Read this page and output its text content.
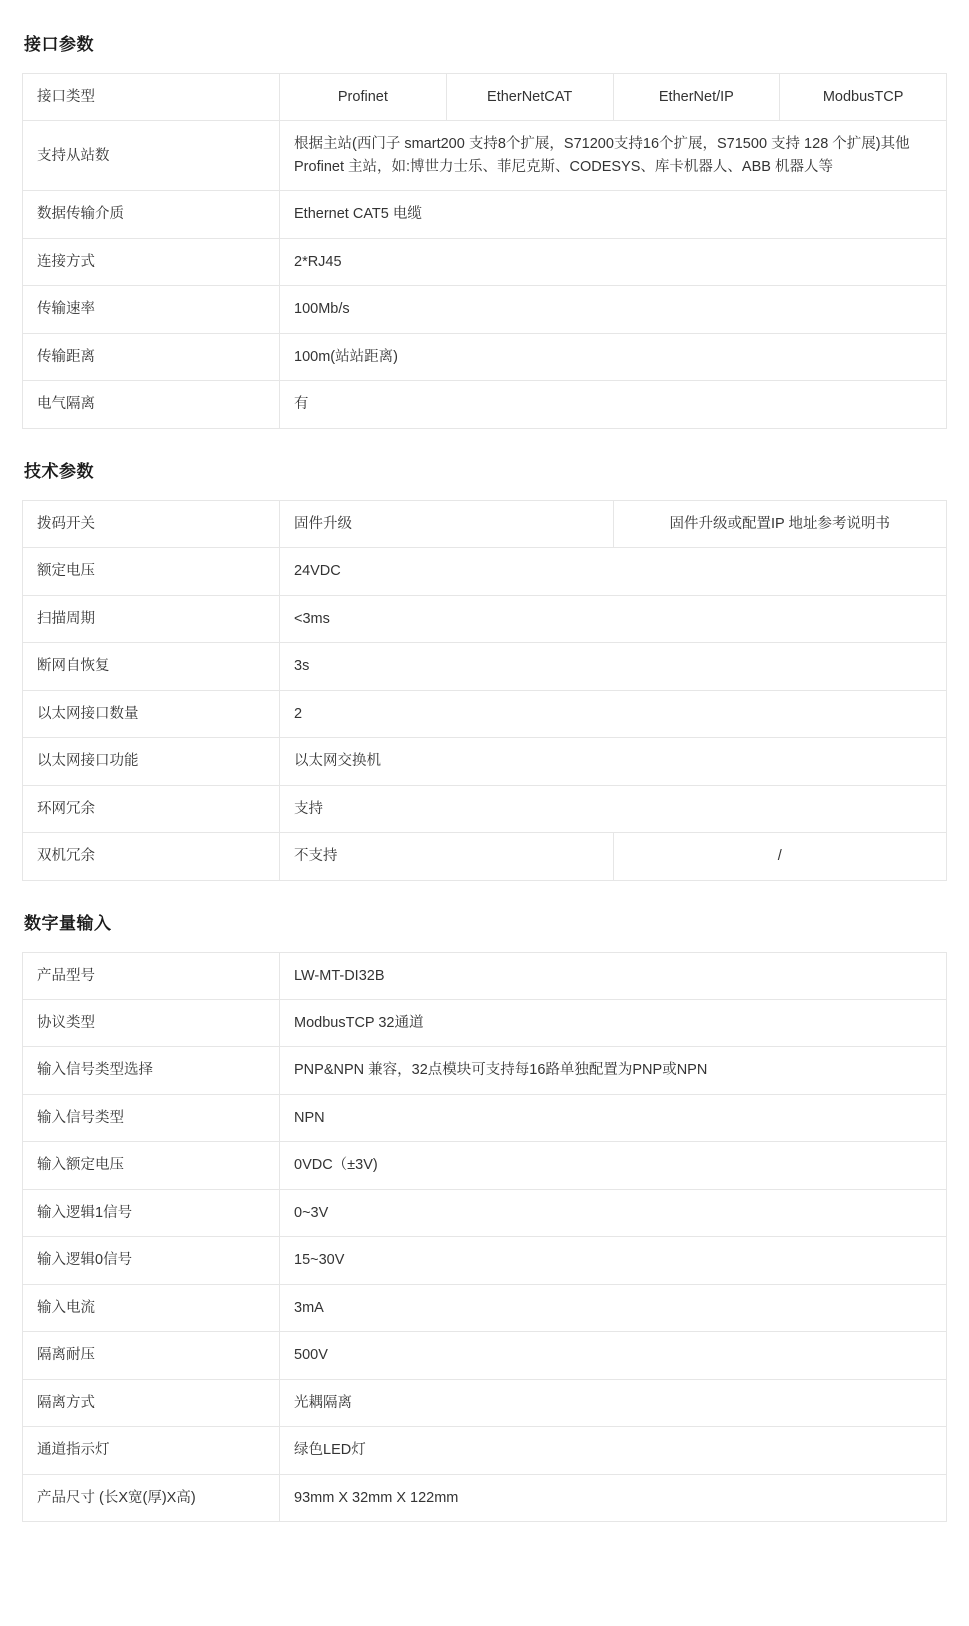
接口参数
接口类型	Profinet	EtherNetCAT	EtherNet/IP	ModbusTCP
支持从站数	根据主站(西门子 smart200 支持8个扩展，S71200支持16个扩展，S71500 支持 128 个扩展)其他 Profinet 主站，如:博世力士乐、菲尼克斯、CODESYS、库卡机器人、ABB 机器人等			
数据传输介质	Ethernet CAT5 电缆			
连接方式	2*RJ45			
传输速率	100Mb/s			
传输距离	100m(站站距离)			
电气隔离	有			
技术参数
拨码开关	固件升级	固件升级或配置IP 地址参考说明书
额定电压	24VDC	
扫描周期	<3ms	
断网自恢复	3s	
以太网接口数量	2	
以太网接口功能	以太网交换机	
环网冗余	支持	
双机冗余	不支持	/
数字量输入
产品型号	LW-MT-DI32B
协议类型	ModbusTCP 32通道
输入信号类型选择	PNP&NPN 兼容，32点模块可支持每16路单独配置为PNP或NPN
输入信号类型	NPN
输入额定电压	0VDC（±3V)
输入逻辑1信号	0~3V
输入逻辑0信号	15~30V
输入电流	3mA
隔离耐压	500V
隔离方式	光耦隔离
通道指示灯	绿色LED灯
产品尺寸 (长X宽(厚)X高)	93mm X 32mm X 122mm
